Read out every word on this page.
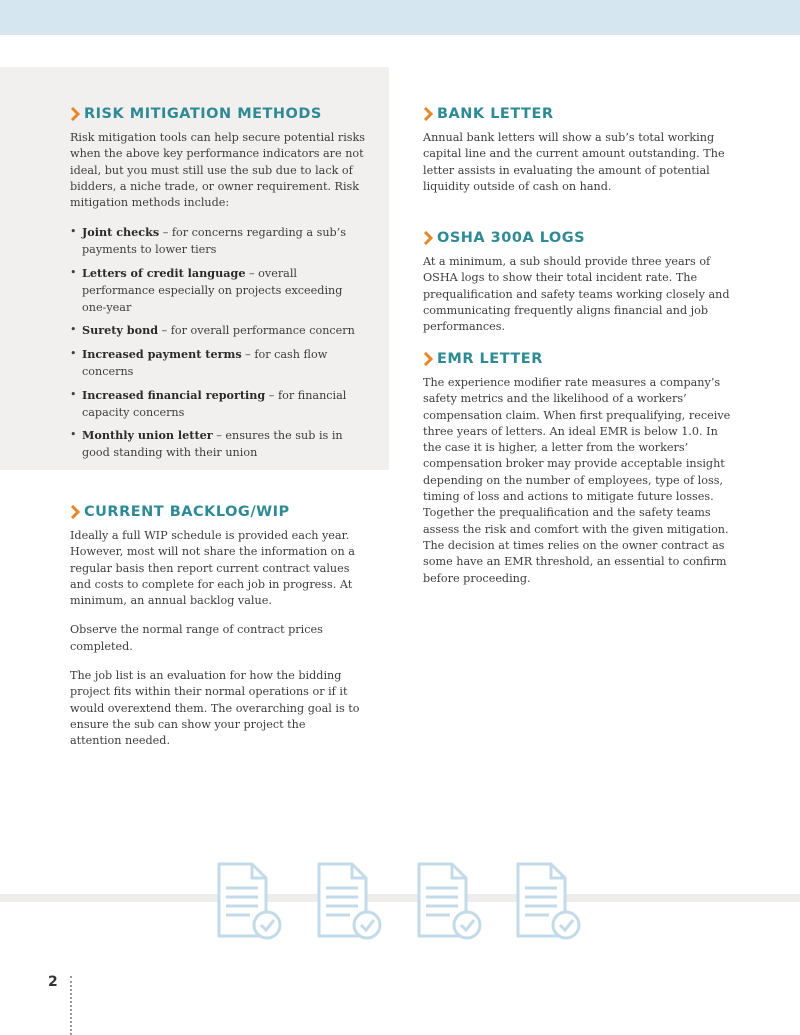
RISK MITIGATION METHODS

Risk mitigation tools can help secure potential risks when the above key performance indicators are not ideal, but you must still use the sub due to lack of bidders, a niche trade, or owner requirement. Risk mitigation methods include:

• Joint checks – for concerns regarding a sub’s payments to lower tiers
• Letters of credit language – overall performance especially on projects exceeding one-year
• Surety bond – for overall performance concern
• Increased payment terms – for cash flow concerns
• Increased financial reporting – for financial capacity concerns
• Monthly union letter – ensures the sub is in good standing with their union
CURRENT BACKLOG/WIP

Ideally a full WIP schedule is provided each year. However, most will not share the information on a regular basis then report current contract values and costs to complete for each job in progress. At minimum, an annual backlog value.

Observe the normal range of contract prices completed.

The job list is an evaluation for how the bidding project fits within their normal operations or if it would overextend them. The overarching goal is to ensure the sub can show your project the attention needed.

BANK LETTER

Annual bank letters will show a sub’s total working capital line and the current amount outstanding. The letter assists in evaluating the amount of potential liquidity outside of cash on hand.

OSHA 300A LOGS

At a minimum, a sub should provide three years of OSHA logs to show their total incident rate. The prequalification and safety teams working closely and communicating frequently aligns financial and job performances.

EMR LETTER

The experience modifier rate measures a company’s safety metrics and the likelihood of a workers’ compensation claim. When first prequalifying, receive three years of letters. An ideal EMR is below 1.0. In the case it is higher, a letter from the workers’ compensation broker may provide acceptable insight depending on the number of employees, type of loss, timing of loss and actions to mitigate future losses. Together the prequalification and the safety teams assess the risk and comfort with the given mitigation. The decision at times relies on the owner contract as some have an EMR threshold, an essential to confirm before proceeding.

2
